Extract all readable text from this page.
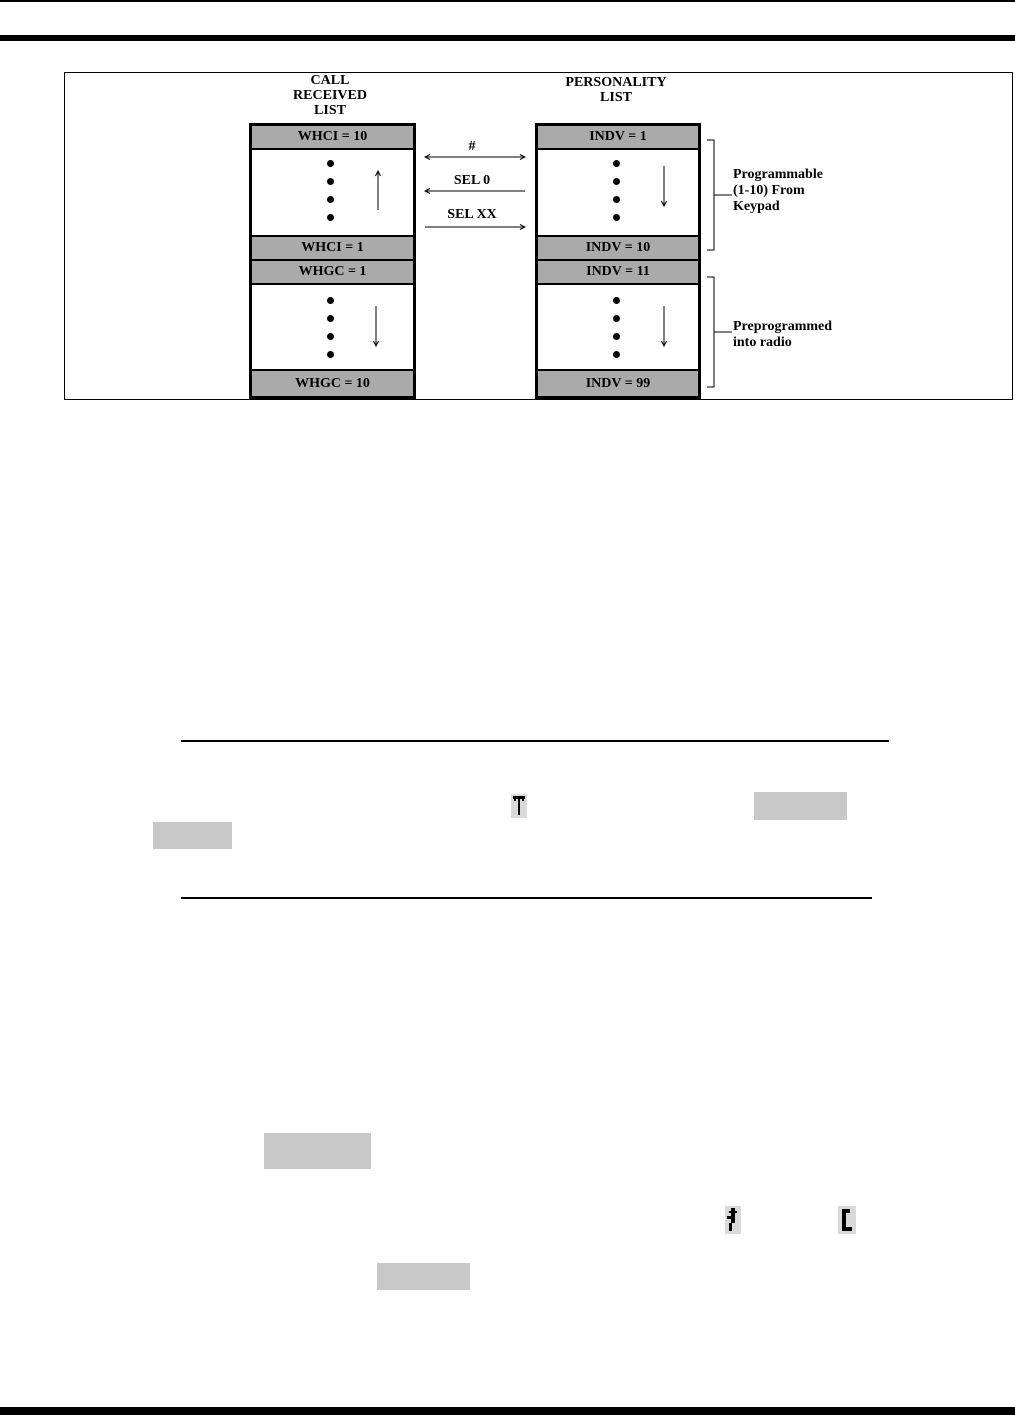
CALL
RECEIVED
LIST
PERSONALITY
LIST
WHCI = 10
WHCI = 1
WHGC = 1
WHGC = 10
INDV = 1
INDV = 10
INDV = 11
INDV = 99
#
SEL 0
SEL XX
Programmable
(1-10) From
Keypad
Preprogrammed
into radio
